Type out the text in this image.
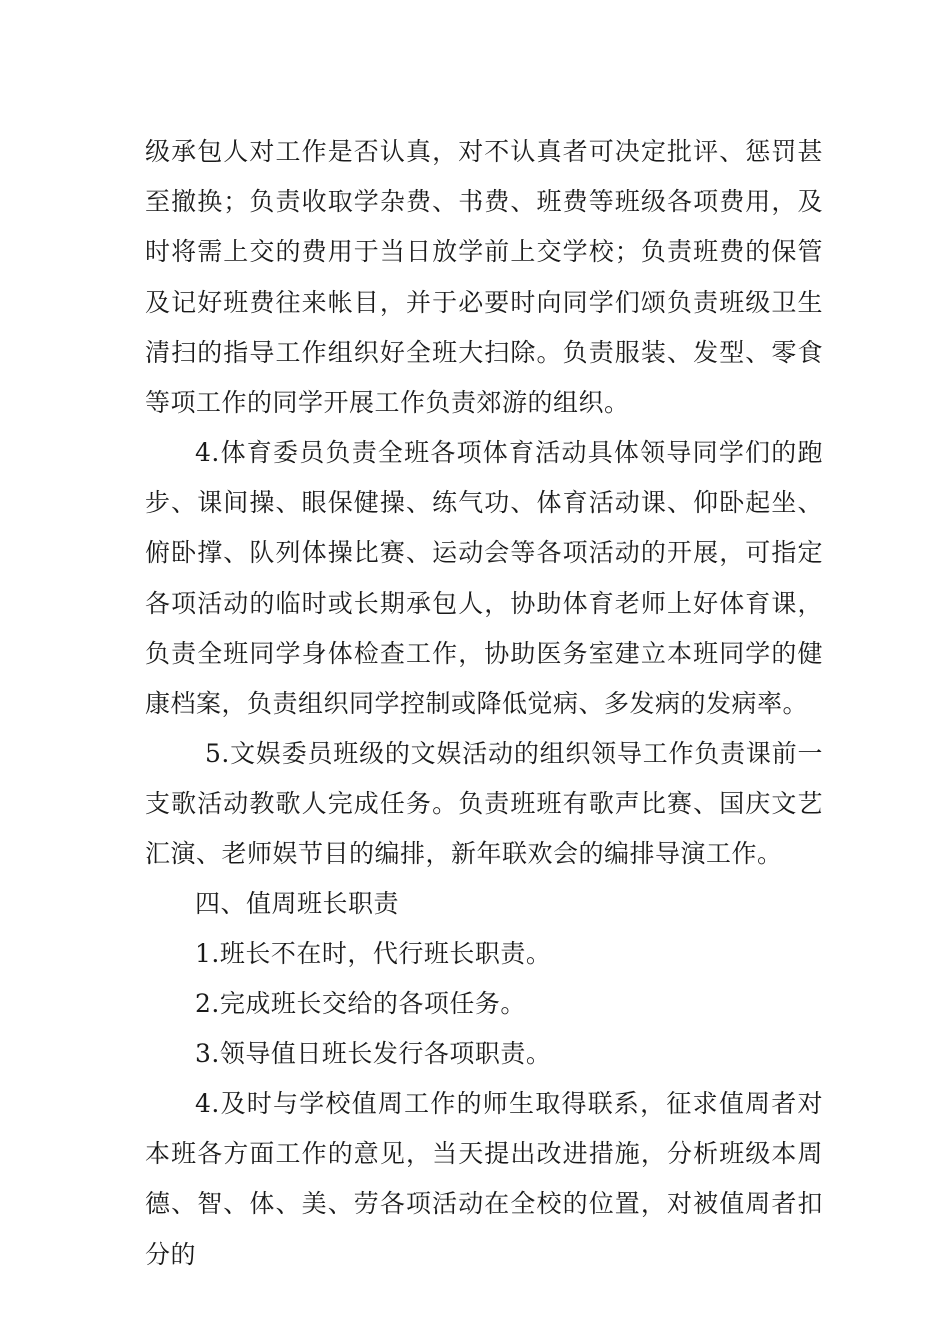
级承包人对工作是否认真，对不认真者可决定批评、惩罚甚至撤换；负责收取学杂费、书费、班费等班级各项费用，及时将需上交的费用于当日放学前上交学校；负责班费的保管及记好班费往来帐目，并于必要时向同学们颂负责班级卫生清扫的指导工作组织好全班大扫除。负责服装、发型、零食等项工作的同学开展工作负责郊游的组织。

4.体育委员负责全班各项体育活动具体领导同学们的跑步、课间操、眼保健操、练气功、体育活动课、仰卧起坐、俯卧撑、队列体操比赛、运动会等各项活动的开展，可指定各项活动的临时或长期承包人，协助体育老师上好体育课，负责全班同学身体检查工作，协助医务室建立本班同学的健康档案，负责组织同学控制或降低觉病、多发病的发病率。

5.文娱委员班级的文娱活动的组织领导工作负责课前一支歌活动教歌人完成任务。负责班班有歌声比赛、国庆文艺汇演、老师娱节目的编排，新年联欢会的编排导演工作。

四、值周班长职责

1.班长不在时，代行班长职责。

2.完成班长交给的各项任务。

3.领导值日班长发行各项职责。

4.及时与学校值周工作的师生取得联系，征求值周者对本班各方面工作的意见，当天提出改进措施，分析班级本周德、智、体、美、劳各项活动在全校的位置，对被值周者扣分的
